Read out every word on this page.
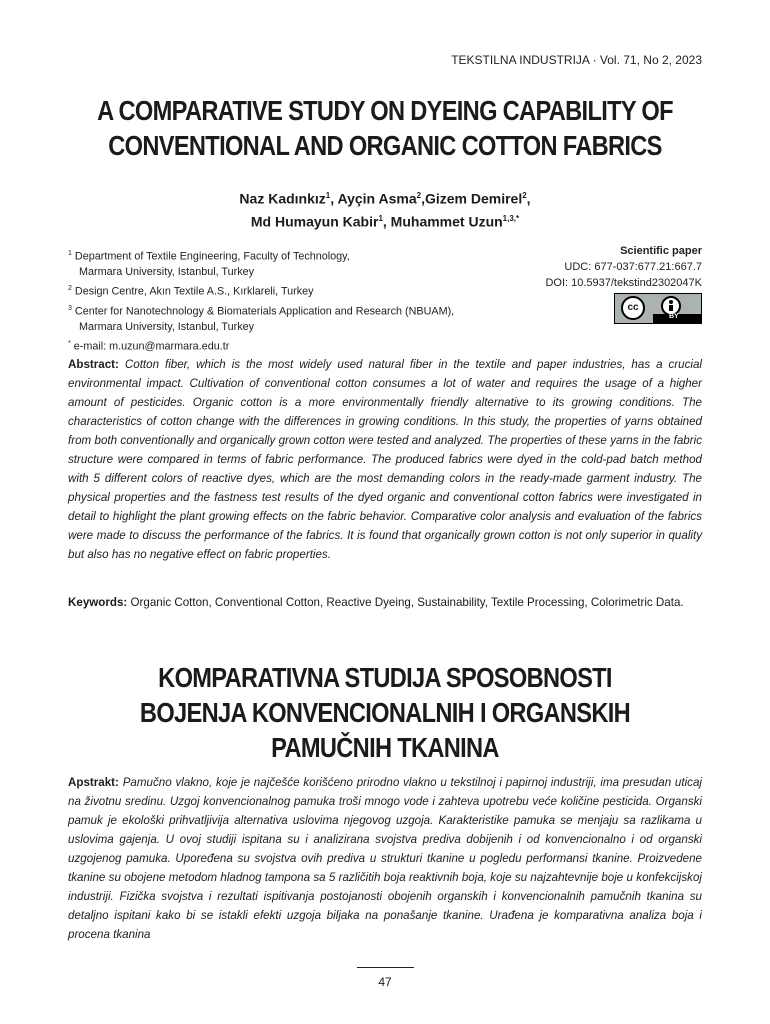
TEKSTILNA INDUSTRIJA · Vol. 71, No 2, 2023
A COMPARATIVE STUDY ON DYEING CAPABILITY OF
CONVENTIONAL AND ORGANIC COTTON FABRICS
Naz Kadınkız$^1$, Ayçin Asma$^2$,Gizem Demirel$^2$,
Md Humayun Kabir$^1$, Muhammet Uzun$^{1,3,*}$
$^1$ Department of Textile Engineering, Faculty of Technology,
Marmara University, Istanbul, Turkey
$^2$ Design Centre, Akın Textile A.S., Kırklareli, Turkey
$^3$ Center for Nanotechnology & Biomaterials Application and Research (NBUAM),
Marmara University, Istanbul, Turkey
* e-mail: m.uzun@marmara.edu.tr
Scientific paper
UDC: 677-037:677.21:667.7
DOI: 10.5937/tekstind2302047K
cc
BY
Abstract: Cotton fiber, which is the most widely used natural fiber in the textile and paper industries, has a crucial environmental impact. Cultivation of conventional cotton consumes a lot of water and requires the usage of a higher amount of pesticides. Organic cotton is a more environmentally friendly alternative to its growing conditions. The characteristics of cotton change with the differences in growing conditions. In this study, the properties of yarns obtained from both conventionally and organically grown cotton were tested and analyzed. The properties of these yarns in the fabric structure were compared in terms of fabric performance. The produced fabrics were dyed in the cold-pad batch method with 5 different colors of reactive dyes, which are the most demanding colors in the ready-made garment industry. The physical properties and the fastness test results of the dyed organic and conventional cotton fabrics were investigated in detail to highlight the plant growing effects on the fabric behavior. Comparative color analysis and evaluation of the fabrics were made to discuss the performance of the fabrics. It is found that organically grown cotton is not only superior in quality but also has no negative effect on fabric properties.
Keywords: Organic Cotton, Conventional Cotton, Reactive Dyeing, Sustainability, Textile Processing, Colorimetric Data.
KOMPARATIVNA STUDIJA SPOSOBNOSTI
BOJENJA KONVENCIONALNIH I ORGANSKIH
PAMUČNIH TKANINA
Apstrakt: Pamučno vlakno, koje je najčešće korišćeno prirodno vlakno u tekstilnoj i papirnoj industriji, ima presudan uticaj na životnu sredinu. Uzgoj konvencionalnog pamuka troši mnogo vode i zahteva upotrebu veće količine pesticida. Organski pamuk je ekološki prihvatljivija alternativa uslovima njegovog uzgoja. Karakteristike pamuka se menjaju sa razlikama u uslovima gajenja. U ovoj studiji ispitana su i analizirana svojstva prediva dobijenih i od konvencionalno i od organski uzgojenog pamuka. Upoređena su svojstva ovih prediva u strukturi tkanine u pogledu performansi tkanine. Proizvedene tkanine su obojene metodom hladnog tampona sa 5 različitih boja reaktivnih boja, koje su najzahtevnije boje u konfekcijskoj industriji. Fizička svojstva i rezultati ispitivanja postojanosti obojenih organskih i konvencionalnih pamučnih tkanina su detaljno ispitani kako bi se istakli efekti uzgoja biljaka na ponašanje tkanine. Urađena je komparativna analiza boja i procena tkanina
47
